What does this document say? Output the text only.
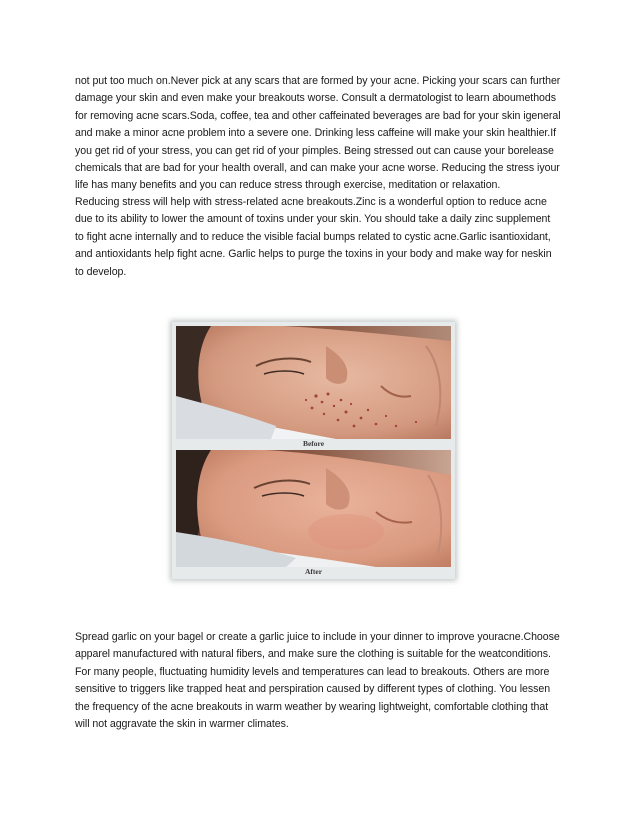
not put too much on.Never pick at any scars that are formed by your acne. Picking your scars can further
damage your skin and even make your breakouts worse. Consult a dermatologist to learn aboumethods
for removing acne scars.Soda, coffee, tea and other caffeinated beverages are bad for your skin igeneral
and make a minor acne problem into a severe one. Drinking less caffeine will make your skin healthier.If
you get rid of your stress, you can get rid of your pimples. Being stressed out can cause your borelease
chemicals that are bad for your health overall, and can make your acne worse. Reducing the stress iyour
life has many benefits and you can reduce stress through exercise, meditation or relaxation.

Reducing stress will help with stress-related acne breakouts.Zinc is a wonderful option to reduce acne
due to its ability to lower the amount of toxins under your skin. You should take a daily zinc supplement
to fight acne internally and to reduce the visible facial bumps related to cystic acne.Garlic isantioxidant,
and antioxidants help fight acne. Garlic helps to purge the toxins in your body and make way for neskin
to develop.

Before
After

Spread garlic on your bagel or create a garlic juice to include in your dinner to improve youracne.Choose
apparel manufactured with natural fibers, and make sure the clothing is suitable for the weatconditions.
For many people, fluctuating humidity levels and temperatures can lead to breakouts. Others are more
sensitive to triggers like trapped heat and perspiration caused by different types of clothing. You lessen
the frequency of the acne breakouts in warm weather by wearing lightweight, comfortable clothing that
will not aggravate the skin in warmer climates.
